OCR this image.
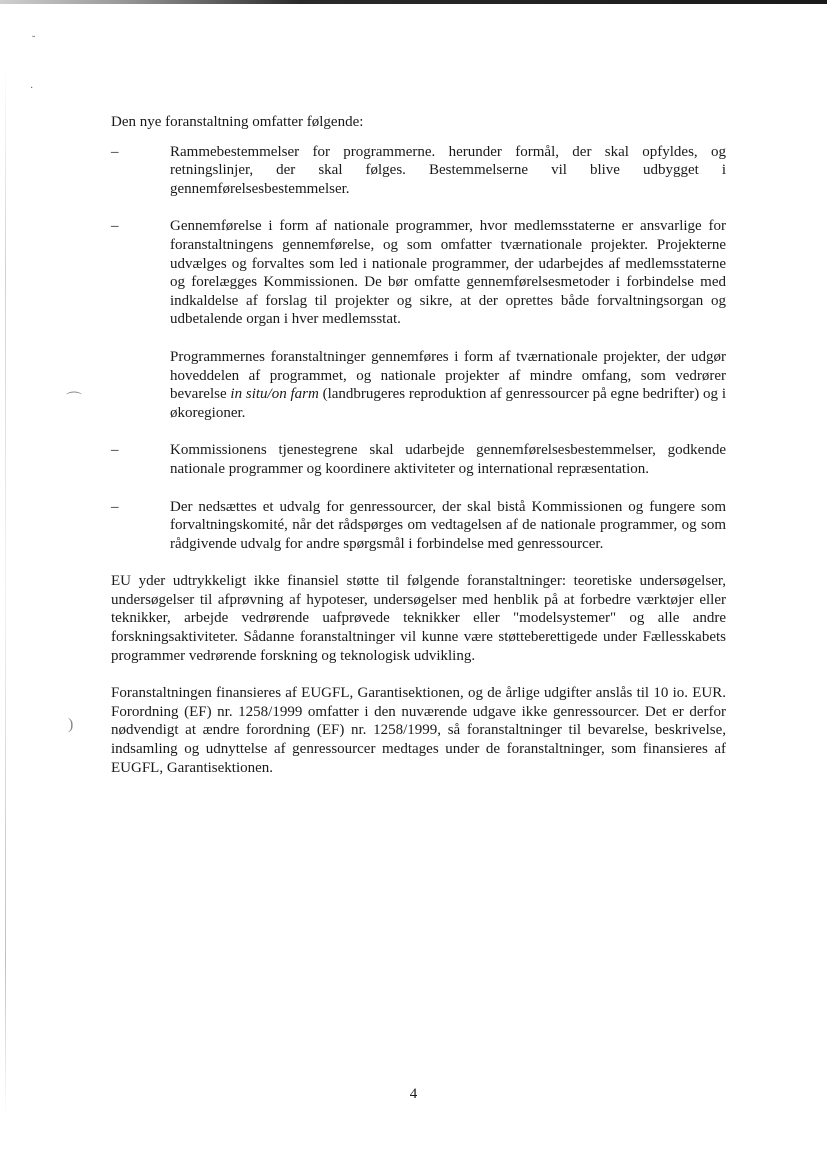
˘
·
⌒
)

Den nye foranstaltning omfatter følgende:

–	Rammebestemmelser for programmerne. herunder formål, der skal opfyldes, og retningslinjer, der skal følges. Bestemmelserne vil blive udbygget i gennemførelsesbestemmelser.
–	Gennemførelse i form af nationale programmer, hvor medlemsstaterne er ansvarlige for foranstaltningens gennemførelse, og som omfatter tværnationale projekter. Projekterne udvælges og forvaltes som led i nationale programmer, der udarbejdes af medlemsstaterne og forelægges Kommissionen. De bør omfatte gennemførelsesmetoder i forbindelse med indkaldelse af forslag til projekter og sikre, at der oprettes både forvaltningsorgan og udbetalende organ i hver medlemsstat.
Programmernes foranstaltninger gennemføres i form af tværnationale projekter, der udgør hoveddelen af programmet, og nationale projekter af mindre omfang, som vedrører bevarelse in situ/on farm (landbrugeres reproduktion af genressourcer på egne bedrifter) og i økoregioner.
–	Kommissionens tjenestegrene skal udarbejde gennemførelsesbestemmelser, godkende nationale programmer og koordinere aktiviteter og international repræsentation.
–	Der nedsættes et udvalg for genressourcer, der skal bistå Kommissionen og fungere som forvaltningskomité, når det rådspørges om vedtagelsen af de nationale programmer, og som rådgivende udvalg for andre spørgsmål i forbindelse med genressourcer.

EU yder udtrykkeligt ikke finansiel støtte til følgende foranstaltninger: teoretiske undersøgelser, undersøgelser til afprøvning af hypoteser, undersøgelser med henblik på at forbedre værktøjer eller teknikker, arbejde vedrørende uafprøvede teknikker eller "modelsystemer" og alle andre forskningsaktiviteter. Sådanne foranstaltninger vil kunne være støtteberettigede under Fællesskabets programmer vedrørende forskning og teknologisk udvikling.

Foranstaltningen finansieres af EUGFL, Garantisektionen, og de årlige udgifter anslås til 10 io. EUR. Forordning (EF) nr. 1258/1999 omfatter i den nuværende udgave ikke genressourcer. Det er derfor nødvendigt at ændre forordning (EF) nr. 1258/1999, så foranstaltninger til bevarelse, beskrivelse, indsamling og udnyttelse af genressourcer medtages under de foranstaltninger, som finansieres af EUGFL, Garantisektionen.

4
